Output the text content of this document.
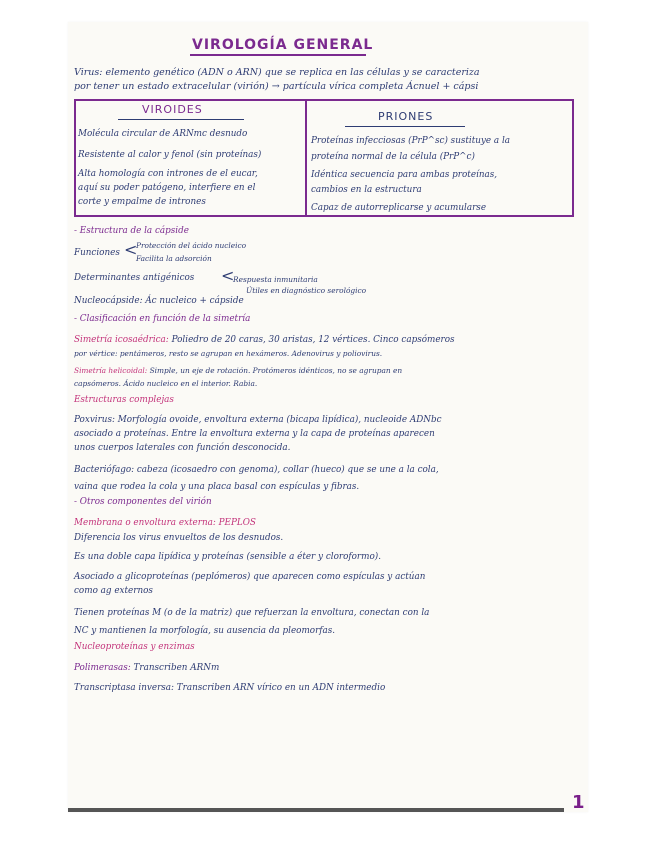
VIROLOGÍA GENERAL
Virus: elemento genético (ADN o ARN) que se replica en las células y se caracteriza
por tener un estado extracelular (virión) → partícula vírica completa Ácnuel + cápsi
VIROIDES
PRIONES
Molécula circular de ARNmc desnudo
Resistente al calor y fenol (sin proteínas)
Alta homología con intrones de el eucar,
aquí su poder patógeno, interfiere en el
corte y empalme de intrones
Proteínas infecciosas (PrP^sc) sustituye a la
proteína normal de la célula (PrP^c)
Idéntica secuencia para ambas proteínas,
cambios en la estructura
Capaz de autorreplicarse y acumularse
- Estructura de la cápside
Funciones <
Protección del ácido nucleico
Facilita la adsorción
Determinantes antigénicos <
Respuesta inmunitaria
Útiles en diagnóstico serológico
Nucleocápside: Ác nucleico + cápside
- Clasificación en función de la simetría
Simetría icosaédrica: Poliedro de 20 caras, 30 aristas, 12 vértices. Cinco capsómeros
por vértice: pentámeros, resto se agrupan en hexámeros. Adenovirus y poliovirus.
Simetría helicoidal: Simple, un eje de rotación. Protómeros idénticos, no se agrupan en
capsómeros. Ácido nucleico en el interior. Rabia.
Estructuras complejas
Poxvirus: Morfología ovoide, envoltura externa (bicapa lipídica), nucleoide ADNbc
asociado a proteínas. Entre la envoltura externa y la capa de proteínas aparecen
unos cuerpos laterales con función desconocida.
Bacteriófago: cabeza (icosaedro con genoma), collar (hueco) que se une a la cola,
vaina que rodea la cola y una placa basal con espículas y fibras.
- Otros componentes del virión
Membrana o envoltura externa: PEPLOS
Diferencia los virus envueltos de los desnudos.
Es una doble capa lipídica y proteínas (sensible a éter y cloroformo).
Asociado a glicoproteínas (peplómeros) que aparecen como espículas y actúan
como ag externos
Tienen proteínas M (o de la matriz) que refuerzan la envoltura, conectan con la
NC y mantienen la morfología, su ausencia da pleomorfas.
Nucleoproteínas y enzimas
Polimerasas: Transcriben ARNm
Transcriptasa inversa: Transcriben ARN vírico en un ADN intermedio
1
